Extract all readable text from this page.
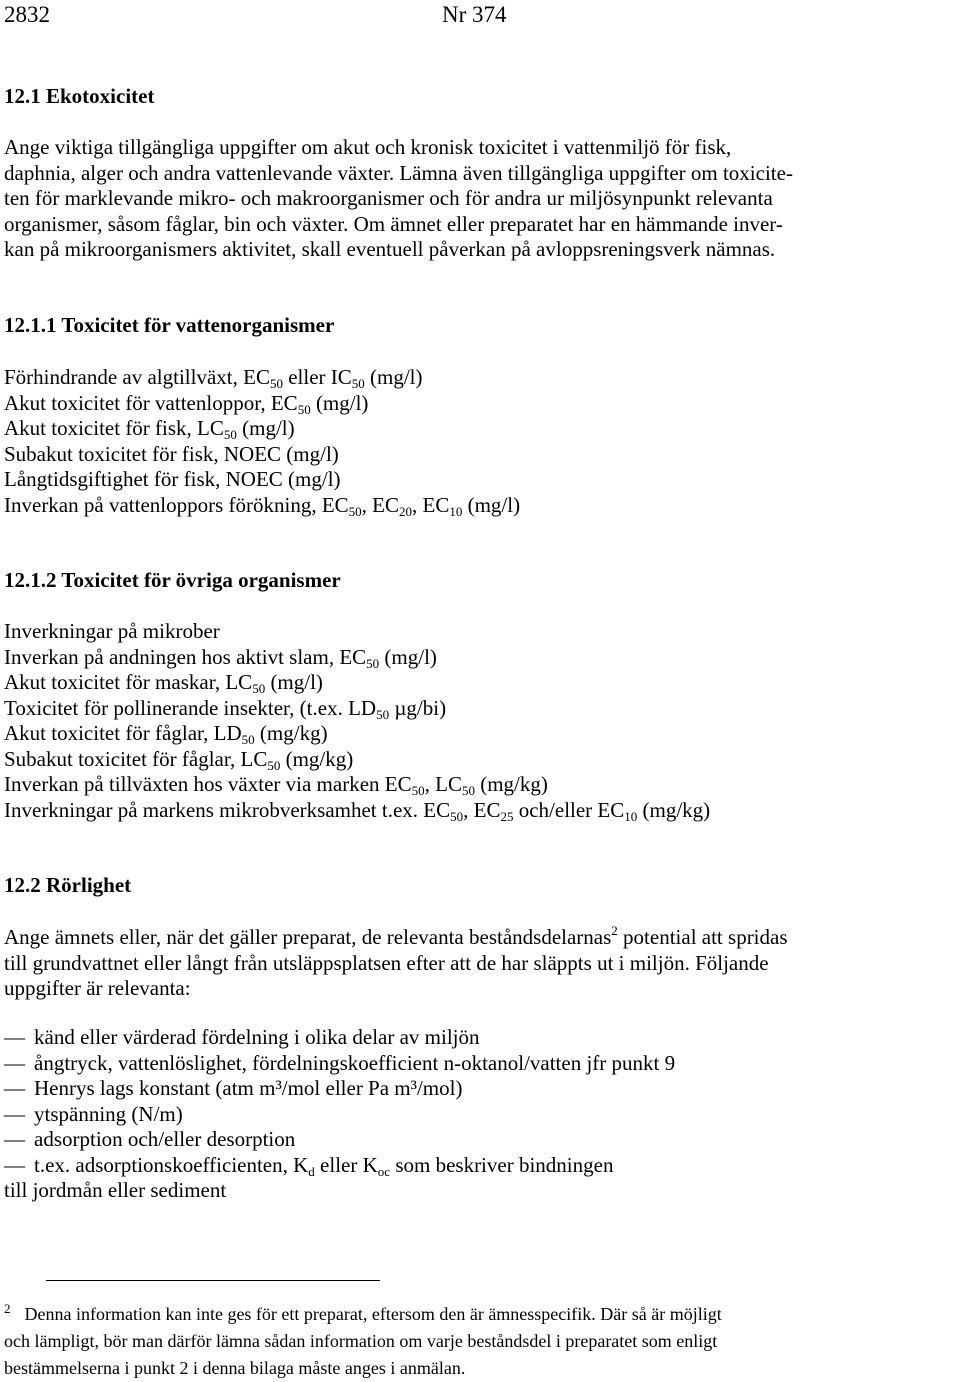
2832	Nr 374
12.1 Ekotoxicitet
Ange viktiga tillgängliga uppgifter om akut och kronisk toxicitet i vattenmiljö för fisk,
daphnia, alger och andra vattenlevande växter. Lämna även tillgängliga uppgifter om toxicite-
ten för marklevande mikro- och makroorganismer och för andra ur miljösynpunkt relevanta
organismer, såsom fåglar, bin och växter. Om ämnet eller preparatet har en hämmande inver-
kan på mikroorganismers aktivitet, skall eventuell påverkan på avloppsreningsverk nämnas.
12.1.1 Toxicitet för vattenorganismer
Förhindrande av algtillväxt, $EC_{50}$ eller $IC_{50}$ (mg/l)
Akut toxicitet för vattenloppor, $EC_{50}$ (mg/l)
Akut toxicitet för fisk, $LC_{50}$ (mg/l)
Subakut toxicitet för fisk, NOEC (mg/l)
Långtidsgiftighet för fisk, NOEC (mg/l)
Inverkan på vattenloppors förökning, $EC_{50}$, $EC_{20}$, $EC_{10}$ (mg/l)
12.1.2 Toxicitet för övriga organismer
Inverkningar på mikrober
Inverkan på andningen hos aktivt slam, $EC_{50}$ (mg/l)
Akut toxicitet för maskar, $LC_{50}$ (mg/l)
Toxicitet för pollinerande insekter, (t.ex. $LD_{50}$ µg/bi)
Akut toxicitet för fåglar, $LD_{50}$ (mg/kg)
Subakut toxicitet för fåglar, $LC_{50}$ (mg/kg)
Inverkan på tillväxten hos växter via marken $EC_{50}$, $LC_{50}$ (mg/kg)
Inverkningar på markens mikrobverksamhet t.ex. $EC_{50}$, $EC_{25}$ och/eller $EC_{10}$ (mg/kg)
12.2 Rörlighet
Ange ämnets eller, när det gäller preparat, de relevanta beståndsdelarnas$^2$ potential att spridas
till grundvattnet eller långt från utsläppsplatsen efter att de har släppts ut i miljön. Följande
uppgifter är relevanta:
— känd eller värderad fördelning i olika delar av miljön
— ångtryck, vattenlöslighet, fördelningskoefficient n-oktanol/vatten jfr punkt 9
— Henrys lags konstant (atm m³/mol eller Pa m³/mol)
— ytspänning (N/m)
— adsorption och/eller desorption
— t.ex. adsorptionskoefficienten, $K_d$ eller $K_{oc}$ som beskriver bindningen
till jordmån eller sediment
$^2$ Denna information kan inte ges för ett preparat, eftersom den är ämnesspecifik. Där så är möjligt
och lämpligt, bör man därför lämna sådan information om varje beståndsdel i preparatet som enligt
bestämmelserna i punkt 2 i denna bilaga måste anges i anmälan.
